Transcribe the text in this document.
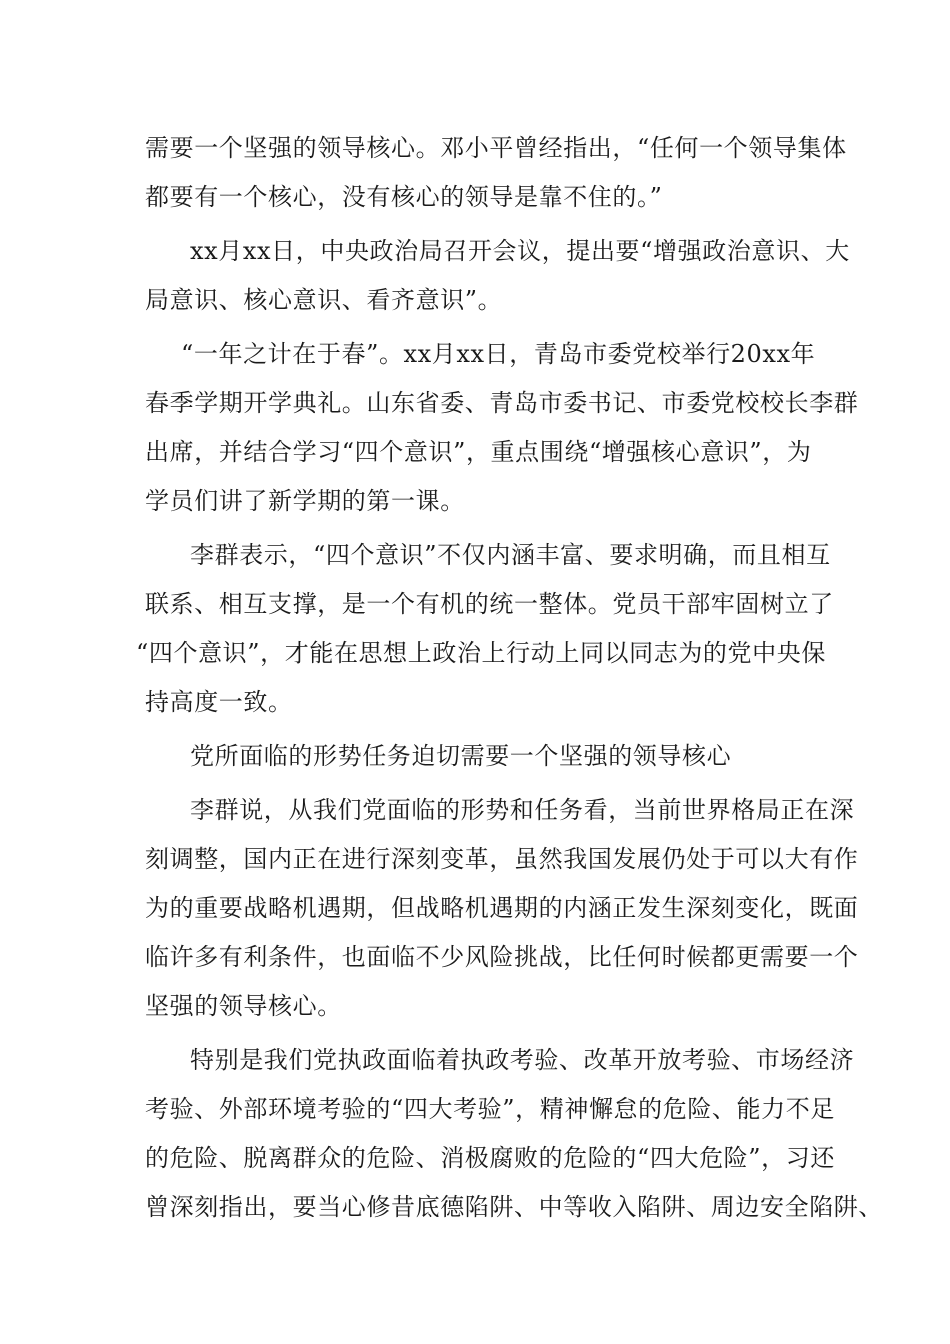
需要一个坚强的领导核心。邓小平曾经指出，“任何一个领导集体
都要有一个核心，没有核心的领导是靠不住的。”
xx月xx日，中央政治局召开会议，提出要“增强政治意识、大
局意识、核心意识、看齐意识”。
“一年之计在于春”。xx月xx日，青岛市委党校举行20xx年
春季学期开学典礼。山东省委、青岛市委书记、市委党校校长李群
出席，并结合学习“四个意识”，重点围绕“增强核心意识”，为
学员们讲了新学期的第一课。
李群表示，“四个意识”不仅内涵丰富、要求明确，而且相互
联系、相互支撑，是一个有机的统一整体。党员干部牢固树立了
“四个意识”，才能在思想上政治上行动上同以同志为的党中央保
持高度一致。
党所面临的形势任务迫切需要一个坚强的领导核心
李群说，从我们党面临的形势和任务看，当前世界格局正在深
刻调整，国内正在进行深刻变革，虽然我国发展仍处于可以大有作
为的重要战略机遇期，但战略机遇期的内涵正发生深刻变化，既面
临许多有利条件，也面临不少风险挑战，比任何时候都更需要一个
坚强的领导核心。
特别是我们党执政面临着执政考验、改革开放考验、市场经济
考验、外部环境考验的“四大考验”，精神懈怠的危险、能力不足
的危险、脱离群众的危险、消极腐败的危险的“四大危险”，习还
曾深刻指出，要当心修昔底德陷阱、中等收入陷阱、周边安全陷阱、
